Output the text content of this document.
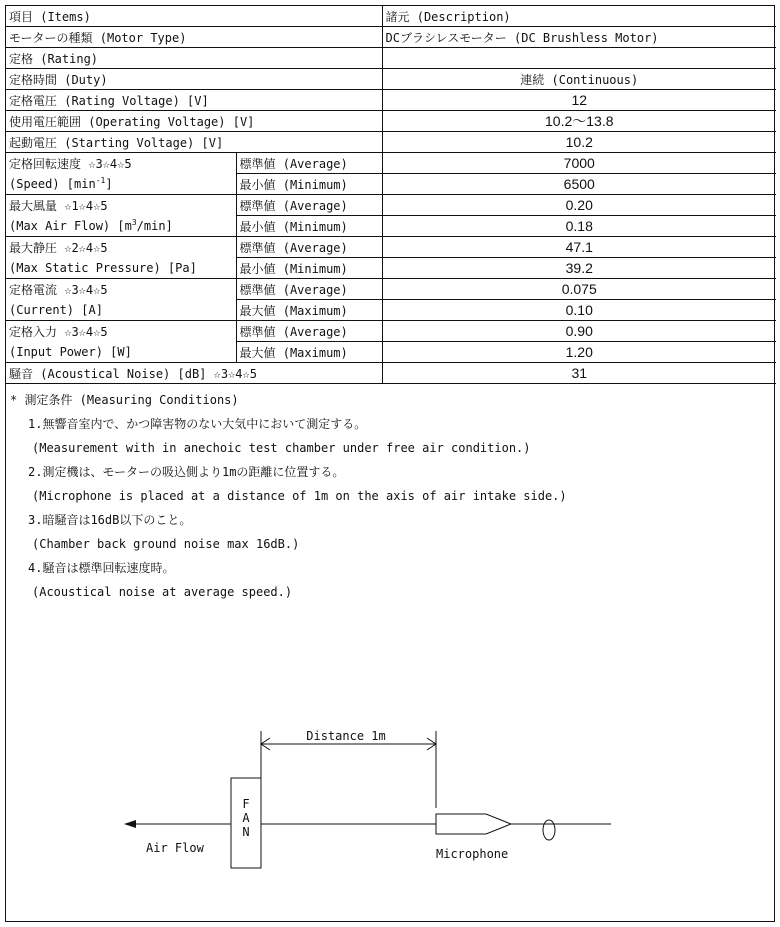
項目 (Items)		諸元 (Description)
モーターの種類 (Motor Type)		DCブラシレスモーター (DC Brushless Motor)
定格 (Rating)		
定格時間 (Duty)		連続 (Continuous)
定格電圧 (Rating Voltage) [V]		12
使用電圧範囲 (Operating Voltage) [V]		10.2～13.8
起動電圧 (Starting Voltage) [V]		10.2
定格回転速度 ☆3☆4☆5	標準値 (Average)	7000
(Speed) $[\min^{-1}]$	最小値 (Minimum)	6500
最大風量 ☆1☆4☆5	標準値 (Average)	0.20
(Max Air Flow) $[m^3/\min]$	最小値 (Minimum)	0.18
最大静圧 ☆2☆4☆5	標準値 (Average)	47.1
(Max Static Pressure) [Pa]	最小値 (Minimum)	39.2
定格電流 ☆3☆4☆5	標準値 (Average)	0.075
(Current) [A]	最大値 (Maximum)	0.10
定格入力 ☆3☆4☆5	標準値 (Average)	0.90
(Input Power) [W]	最大値 (Maximum)	1.20
騒音 (Acoustical Noise) [dB] ☆3☆4☆5		31
* 測定条件 (Measuring Conditions)
1.無響音室内で、かつ障害物のない大気中において測定する。
(Measurement with in anechoic test chamber under free air condition.)
2.測定機は、モーターの吸込側より1mの距離に位置する。
(Microphone is placed at a distance of 1m on the axis of air intake side.)
3.暗騒音は16dB以下のこと。
(Chamber back ground noise max 16dB.)
4.騒音は標準回転速度時。
(Acoustical noise at average speed.)
Distance 1m
F
A
N
Air Flow	Microphone
